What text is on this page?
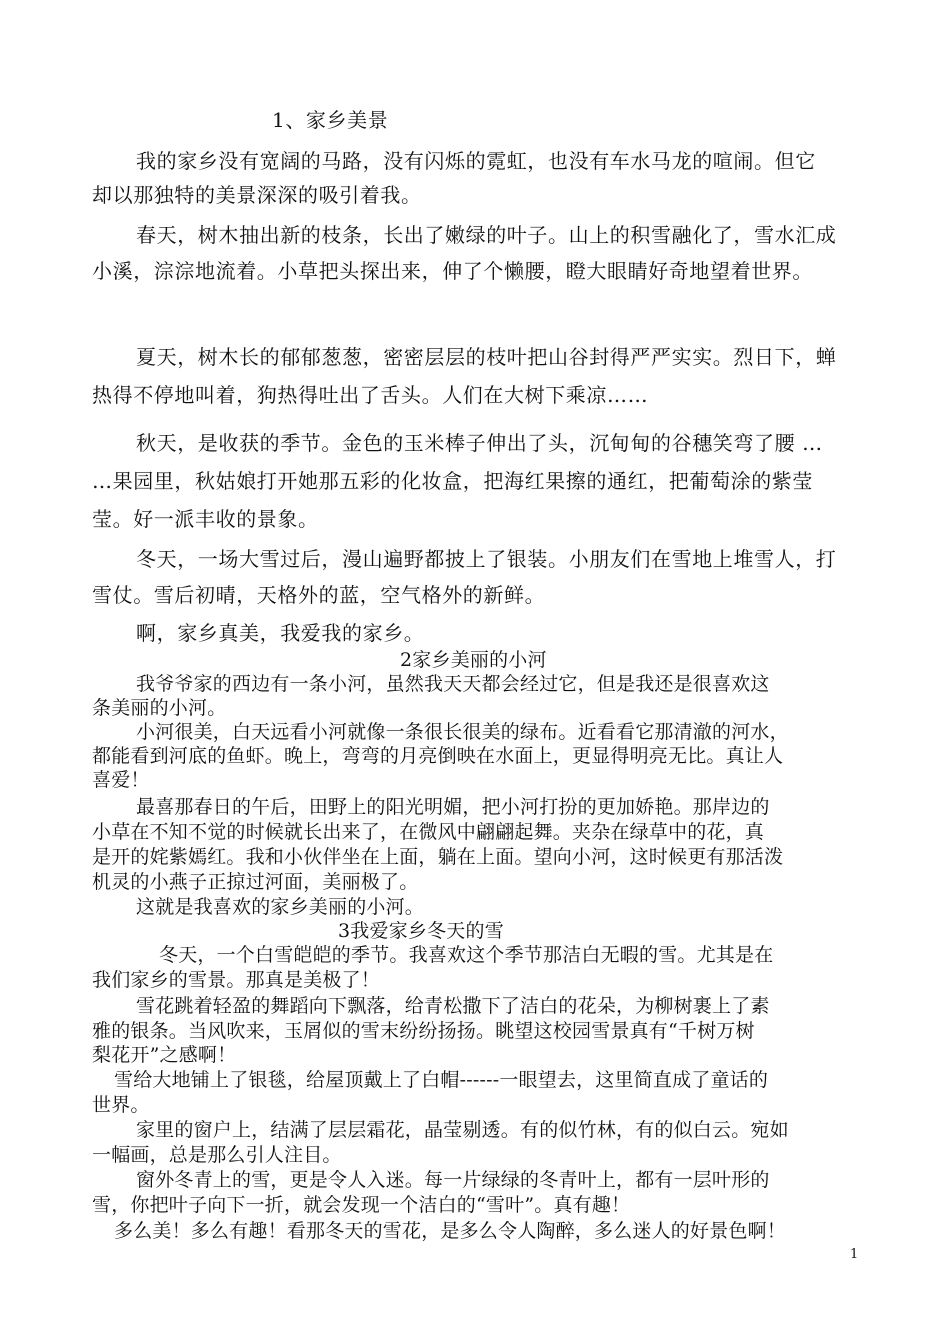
1、家乡美景
我的家乡没有宽阔的马路，没有闪烁的霓虹，也没有车水马龙的喧闹。但它
却以那独特的美景深深的吸引着我。
春天，树木抽出新的枝条，长出了嫩绿的叶子。山上的积雪融化了，雪水汇成
小溪，淙淙地流着。小草把头探出来，伸了个懒腰，瞪大眼睛好奇地望着世界。
夏天，树木长的郁郁葱葱，密密层层的枝叶把山谷封得严严实实。烈日下，蝉
热得不停地叫着，狗热得吐出了舌头。人们在大树下乘凉……
秋天，是收获的季节。金色的玉米棒子伸出了头，沉甸甸的谷穗笑弯了腰 …
…果园里，秋姑娘打开她那五彩的化妆盒，把海红果擦的通红，把葡萄涂的紫莹
莹。好一派丰收的景象。
冬天，一场大雪过后，漫山遍野都披上了银装。小朋友们在雪地上堆雪人，打
雪仗。雪后初晴，天格外的蓝，空气格外的新鲜。
啊，家乡真美，我爱我的家乡。
2家乡美丽的小河
我爷爷家的西边有一条小河，虽然我天天都会经过它，但是我还是很喜欢这
条美丽的小河。
小河很美，白天远看小河就像一条很长很美的绿布。近看看它那清澈的河水，
都能看到河底的鱼虾。晚上，弯弯的月亮倒映在水面上，更显得明亮无比。真让人
喜爱！
最喜那春日的午后，田野上的阳光明媚，把小河打扮的更加娇艳。那岸边的
小草在不知不觉的时候就长出来了，在微风中翩翩起舞。夹杂在绿草中的花，真
是开的姹紫嫣红。我和小伙伴坐在上面，躺在上面。望向小河，这时候更有那活泼
机灵的小燕子正掠过河面，美丽极了。
这就是我喜欢的家乡美丽的小河。
3我爱家乡冬天的雪
冬天，一个白雪皑皑的季节。我喜欢这个季节那洁白无暇的雪。尤其是在
我们家乡的雪景。那真是美极了！
雪花跳着轻盈的舞蹈向下飘落，给青松撒下了洁白的花朵，为柳树裹上了素
雅的银条。当风吹来，玉屑似的雪末纷纷扬扬。眺望这校园雪景真有“千树万树
梨花开”之感啊！
雪给大地铺上了银毯，给屋顶戴上了白帽------一眼望去，这里简直成了童话的
世界。
家里的窗户上，结满了层层霜花，晶莹剔透。有的似竹林，有的似白云。宛如
一幅画，总是那么引人注目。
窗外冬青上的雪，更是令人入迷。每一片绿绿的冬青叶上，都有一层叶形的
雪，你把叶子向下一折，就会发现一个洁白的“雪叶”。真有趣！
多么美！多么有趣！看那冬天的雪花，是多么令人陶醉，多么迷人的好景色啊！
1
